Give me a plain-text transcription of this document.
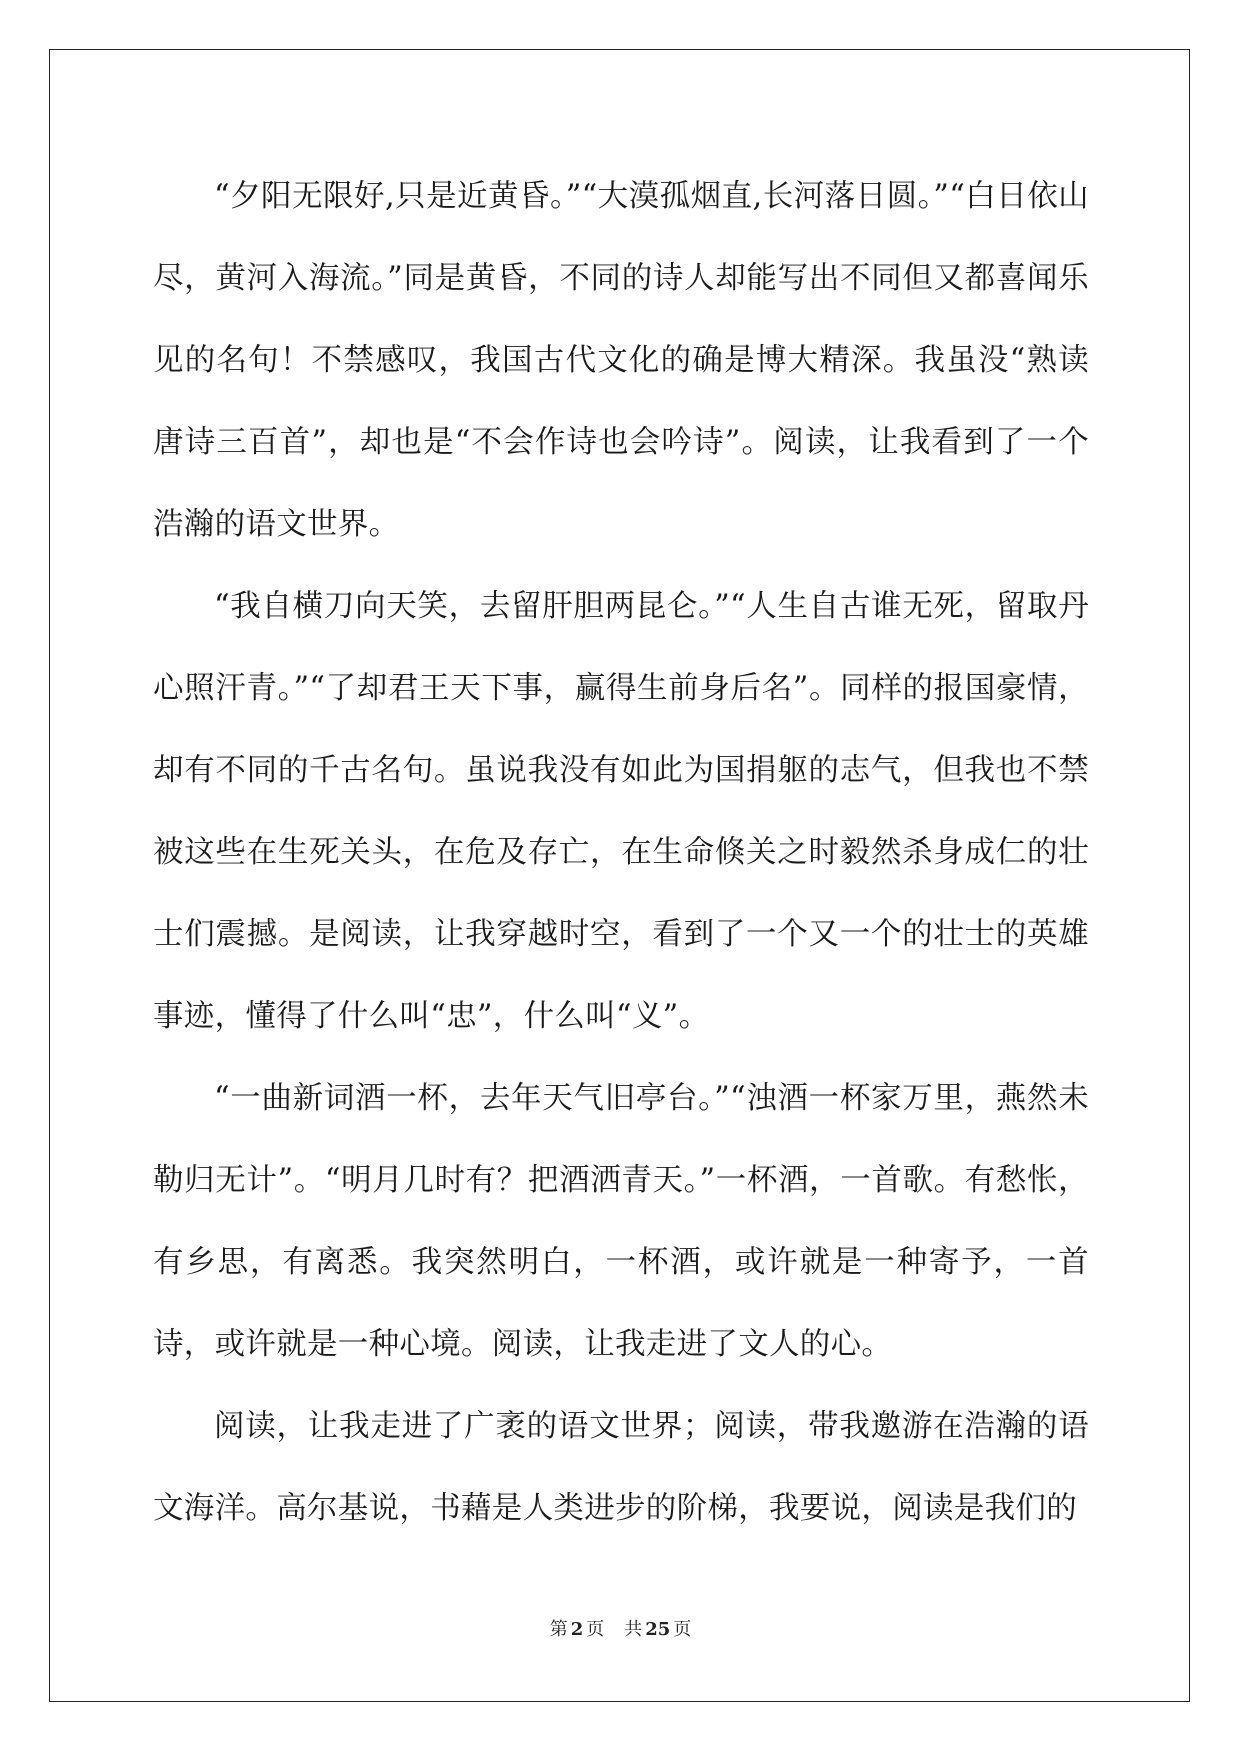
“夕阳无限好,只是近黄昏。”“大漠孤烟直,长河落日圆。”“白日依山尽，黄河入海流。”同是黄昏，不同的诗人却能写出不同但又都喜闻乐见的名句！不禁感叹，我国古代文化的确是博大精深。我虽没“熟读唐诗三百首”，却也是“不会作诗也会吟诗”。阅读，让我看到了一个浩瀚的语文世界。

“我自横刀向天笑，去留肝胆两昆仑。”“人生自古谁无死，留取丹心照汗青。”“了却君王天下事，赢得生前身后名”。同样的报国豪情，却有不同的千古名句。虽说我没有如此为国捐躯的志气，但我也不禁被这些在生死关头，在危及存亡，在生命倏关之时毅然杀身成仁的壮士们震撼。是阅读，让我穿越时空，看到了一个又一个的壮士的英雄事迹，懂得了什么叫“忠”，什么叫“义”。

“一曲新词酒一杯，去年天气旧亭台。”“浊酒一杯家万里，燕然未勒归无计”。“明月几时有？把酒洒青天。”一杯酒，一首歌。有愁怅，有乡思，有离悉。我突然明白，一杯酒，或许就是一种寄予，一首诗，或许就是一种心境。阅读，让我走进了文人的心。

阅读，让我走进了广袤的语文世界；阅读，带我邀游在浩瀚的语文海洋。高尔基说，书藉是人类进步的阶梯，我要说，阅读是我们的

第 2 页 共 25 页
